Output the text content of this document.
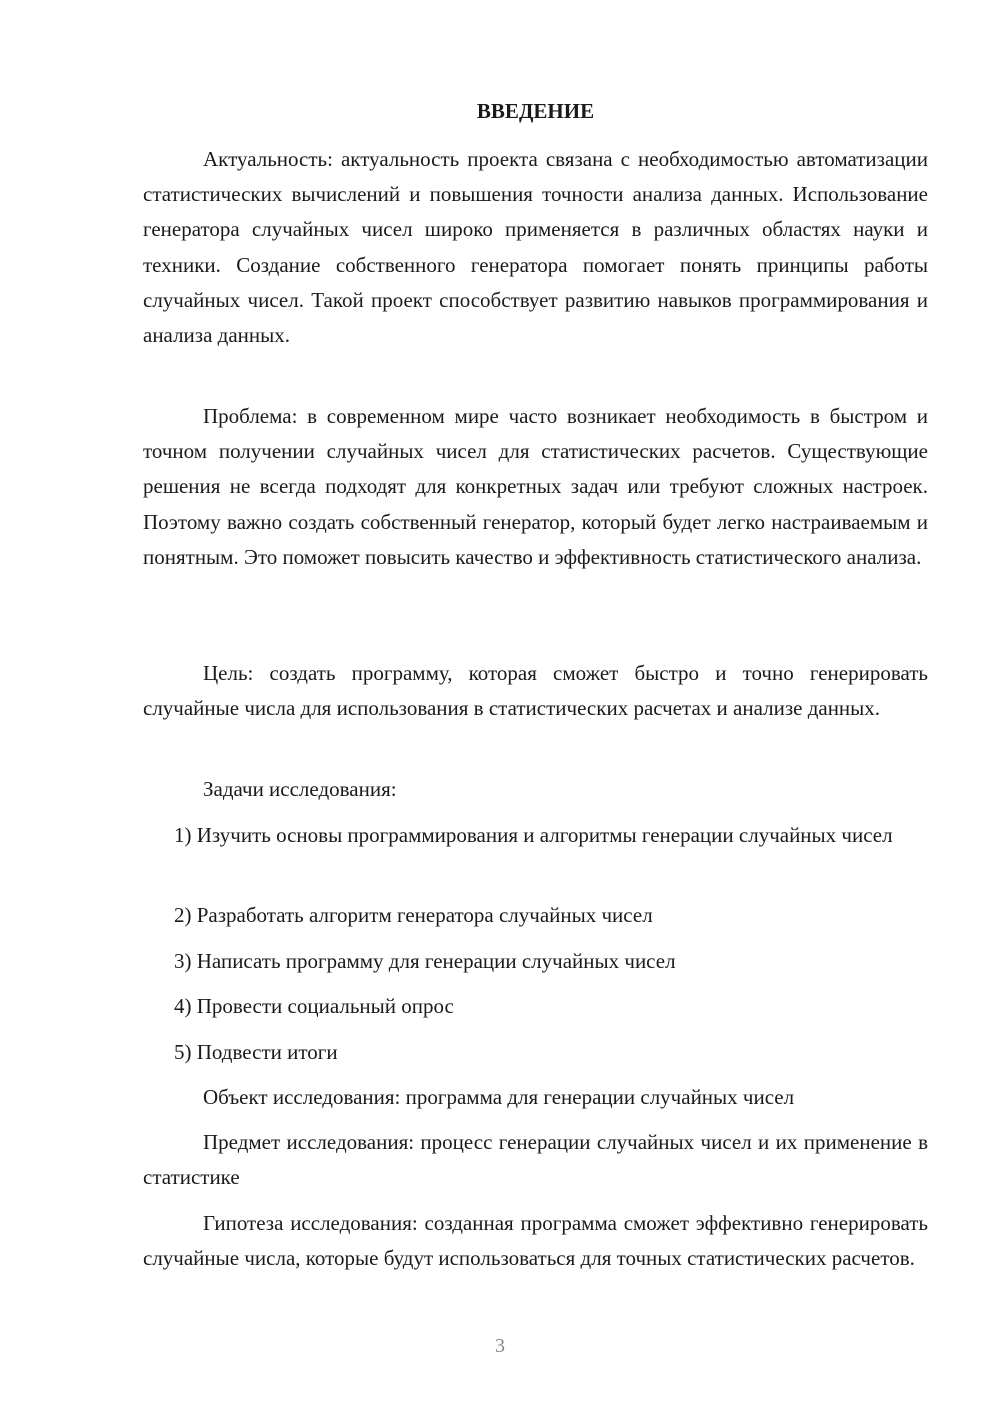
ВВЕДЕНИЕ

Актуальность: актуальность проекта связана с необходимостью автоматизации статистических вычислений и повышения точности анализа данных. Использование генератора случайных чисел широко применяется в различных областях науки и техники. Создание собственного генератора помогает понять принципы работы случайных чисел. Такой проект способствует развитию навыков программирования и анализа данных.

Проблема: в современном мире часто возникает необходимость в быстром и точном получении случайных чисел для статистических расчетов. Существующие решения не всегда подходят для конкретных задач или требуют сложных настроек. Поэтому важно создать собственный генератор, который будет легко настраиваемым и понятным. Это поможет повысить качество и эффективность статистического анализа.

Цель: создать программу, которая сможет быстро и точно генерировать случайные числа для использования в статистических расчетах и анализе данных.

Задачи исследования:

1) Изучить основы программирования и алгоритмы генерации случайных чисел

2) Разработать алгоритм генератора случайных чисел

3) Написать программу для генерации случайных чисел

4) Провести социальный опрос

5) Подвести итоги

Объект исследования: программа для генерации случайных чисел

Предмет исследования: процесс генерации случайных чисел и их применение в статистике

Гипотеза исследования: созданная программа сможет эффективно генерировать случайные числа, которые будут использоваться для точных статистических расчетов.

3
